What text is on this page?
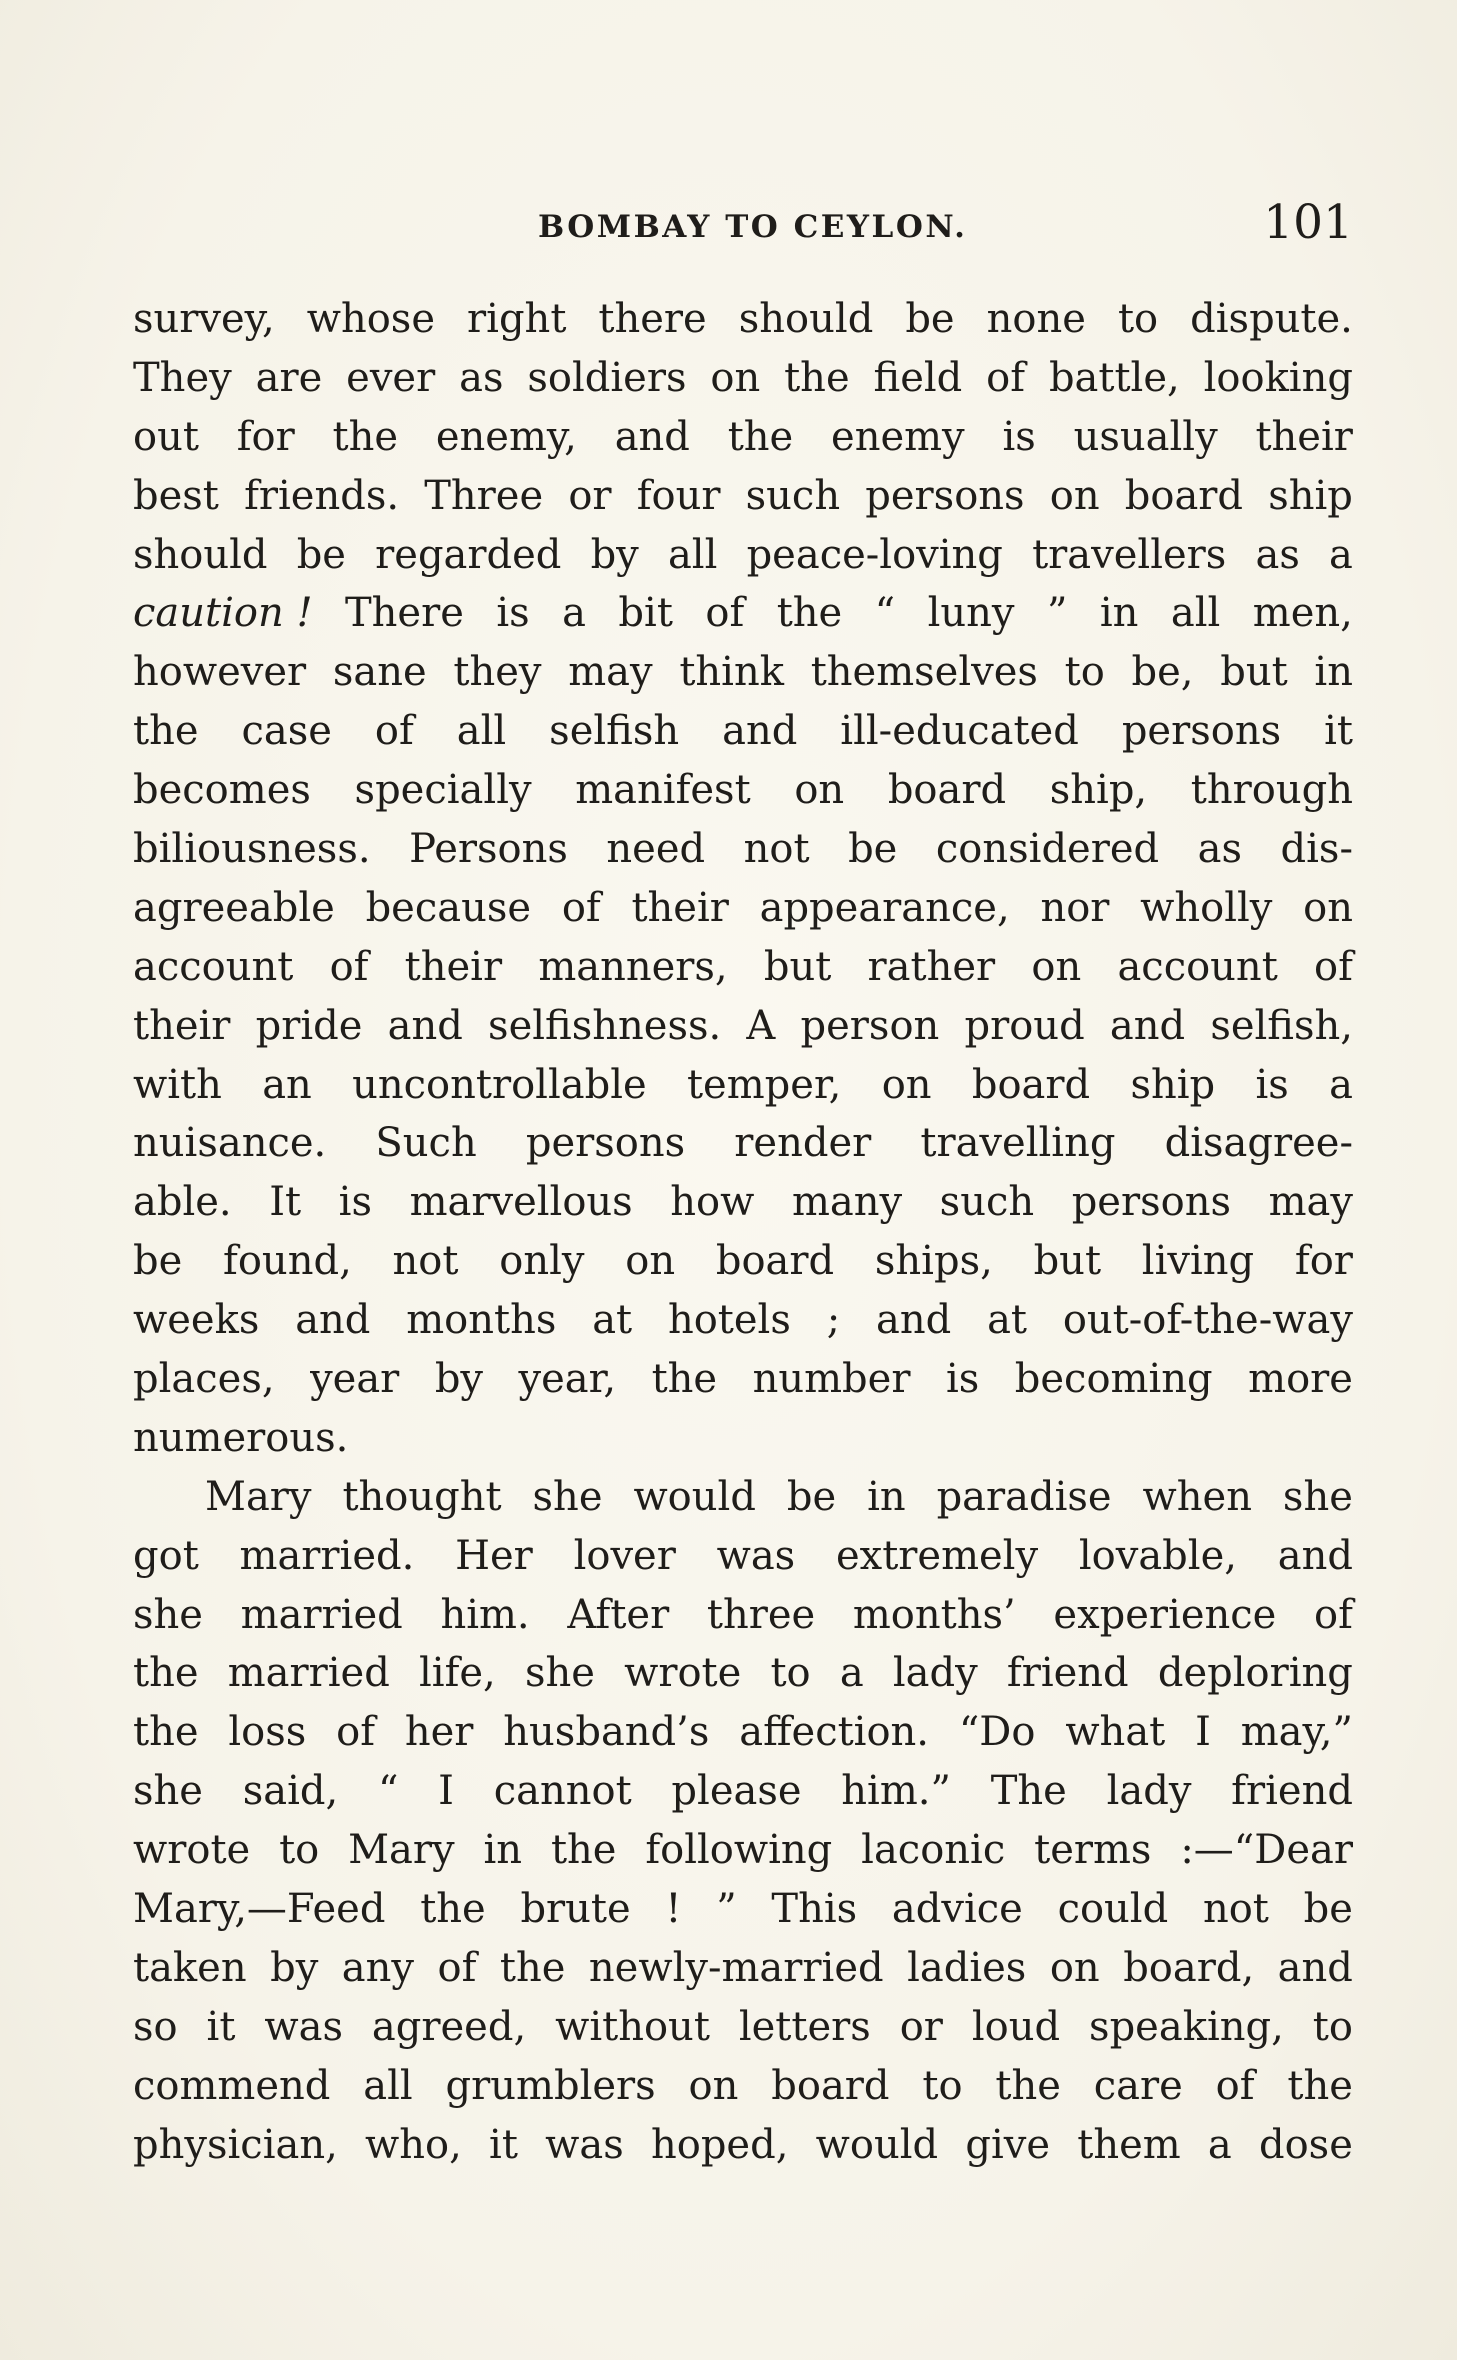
BOMBAY TO CEYLON.	101
survey, whose right there should be none to dispute.
They are ever as soldiers on the field of battle, looking
out for the enemy, and the enemy is usually their
best friends. Three or four such persons on board ship
should be regarded by all peace-loving travellers as a
caution ! There is a bit of the “ luny ” in all men,
however sane they may think themselves to be, but in
the case of all selfish and ill-educated persons it
becomes specially manifest on board ship, through
biliousness. Persons need not be considered as dis-
agreeable because of their appearance, nor wholly on
account of their manners, but rather on account of
their pride and selfishness. A person proud and selfish,
with an uncontrollable temper, on board ship is a
nuisance. Such persons render travelling disagree-
able. It is marvellous how many such persons may
be found, not only on board ships, but living for
weeks and months at hotels ; and at out-of-the-way
places, year by year, the number is becoming more
numerous.
Mary thought she would be in paradise when she
got married. Her lover was extremely lovable, and
she married him. After three months’ experience of
the married life, she wrote to a lady friend deploring
the loss of her husband’s affection. “Do what I may,”
she said, “ I cannot please him.” The lady friend
wrote to Mary in the following laconic terms :—“Dear
Mary,—Feed the brute ! ” This advice could not be
taken by any of the newly-married ladies on board, and
so it was agreed, without letters or loud speaking, to
commend all grumblers on board to the care of the
physician, who, it was hoped, would give them a dose
